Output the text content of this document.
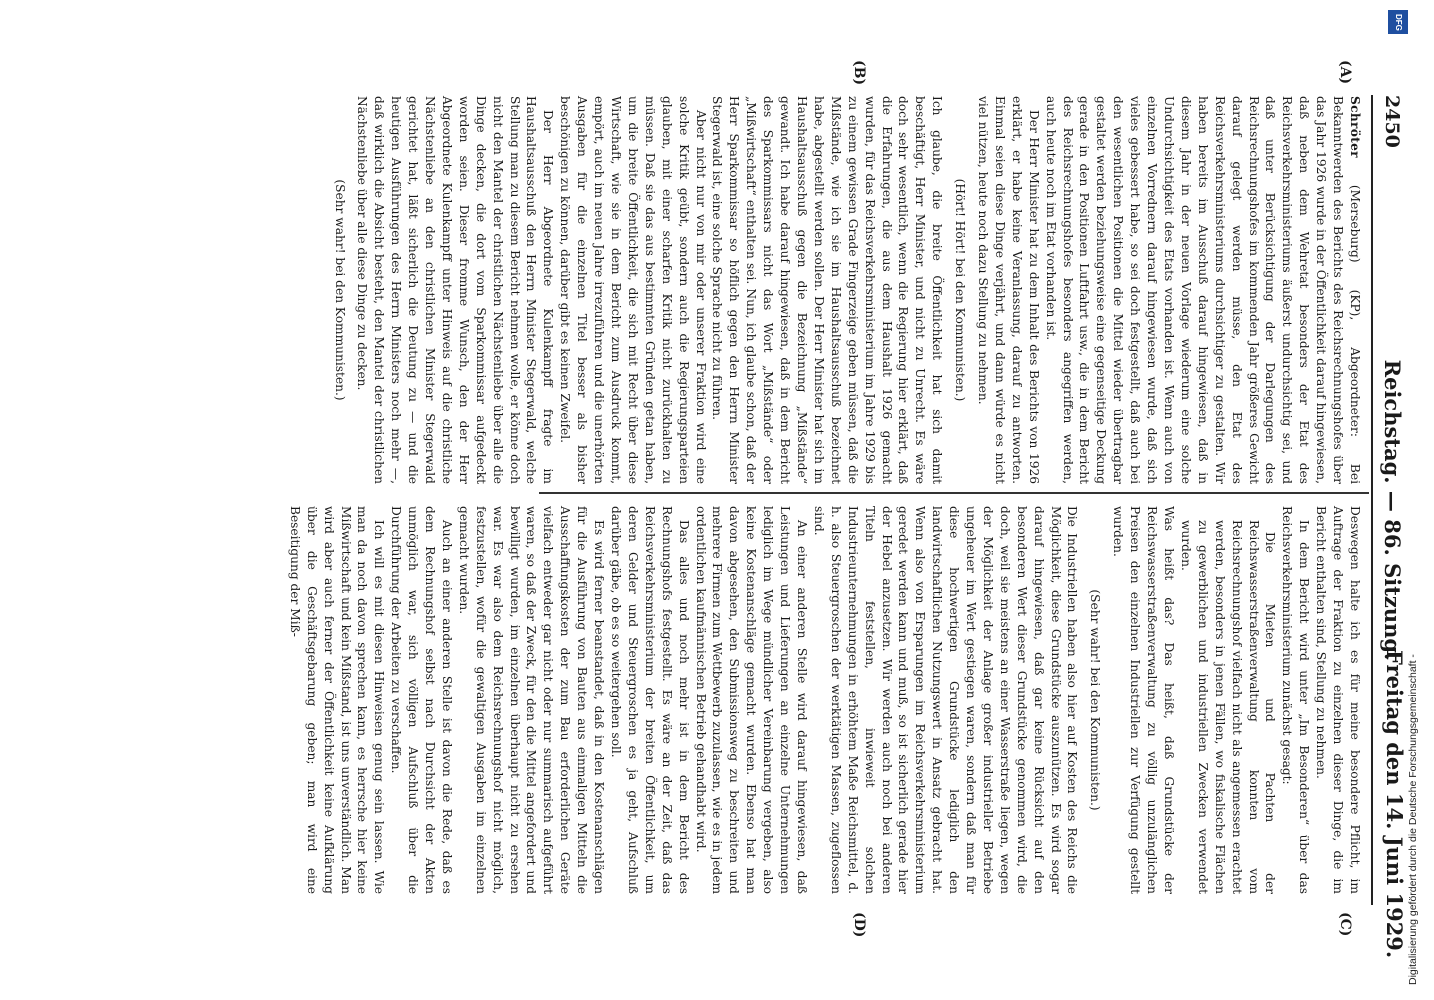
2450
Reichstag. — 86. Sitzung.
Freitag den 14. Juni 1929.
(A)
(B)
(C)
(D)

Schröter (Merseburg) (KP), Abgeordneter: Bei Bekanntwerden des Berichts des Reichsrechnungshofes über das Jahr 1926 wurde in der Öffentlichkeit darauf hingewiesen, daß neben dem Wehretat besonders der Etat des Reichsverkehrsministeriums äußerst undurchsichtig sei, und daß unter Berücksichtigung der Darlegungen des Reichsrechnungshofes im kommenden Jahr größeres Gewicht darauf gelegt werden müsse, den Etat des Reichsverkehrsministeriums durchsichtiger zu gestalten. Wir haben bereits im Ausschuß darauf hingewiesen, daß in diesem Jahr in der neuen Vorlage wiederum eine solche Undurchsichtigkeit des Etats vorhanden ist. Wenn auch von einzelnen Vorrednern darauf hingewiesen wurde, daß sich vieles gebessert habe, so sei doch festgestellt, daß auch bei den wesentlichen Positionen die Mittel wieder übertragbar gestaltet werden beziehungsweise eine gegenseitige Deckung gerade in den Positionen Luftfahrt usw., die in dem Bericht des Reichsrechnungshofes besonders angegriffen werden, auch heute noch im Etat vorhanden ist.

Der Herr Minister hat zu dem Inhalt des Berichts von 1926 erklärt, er habe keine Veranlassung, darauf zu antworten. Einmal seien diese Dinge verjährt, und dann würde es nicht viel nützen, heute noch dazu Stellung zu nehmen.

(Hört! Hört! bei den Kommunisten.)

Ich glaube, die breite Öffentlichkeit hat sich damit beschäftigt, Herr Minister, und nicht zu Unrecht. Es wäre doch sehr wesentlich, wenn die Regierung hier erklärt, daß die Erfahrungen, die aus dem Haushalt 1926 gemacht wurden, für das Reichsverkehrsministerium im Jahre 1929 bis zu einem gewissen Grade Fingerzeige geben müssen, daß die Mißstände, wie ich sie im Haushaltsausschuß bezeichnet habe, abgestellt werden sollen. Der Herr Minister hat sich im Haushaltsausschuß gegen die Bezeichnung „Mißstände“ gewandt. Ich habe darauf hingewiesen, daß in dem Bericht des Sparkommissars nicht das Wort „Mißstände“ oder „Mißwirtschaft“ enthalten sei. Nun, ich glaube schon, daß der Herr Sparkommissar so höflich gegen den Herrn Minister Stegerwald ist, eine solche Sprache nicht zu führen.

Aber nicht nur von mir oder unserer Fraktion wird eine solche Kritik geübt, sondern auch die Regierungsparteien glauben, mit einer scharfen Kritik nicht zurückhalten zu müssen. Daß sie das aus bestimmten Gründen getan haben, um die breite Öffentlichkeit, die sich mit Recht über diese Wirtschaft, wie sie in dem Bericht zum Ausdruck kommt, empört, auch im neuen Jahre irrezuführen und die unerhörten Ausgaben für die einzelnen Titel besser als bisher beschönigen zu können, darüber gibt es keinen Zweifel.

Der Herr Abgeordnete Kulenkampff fragte im Haushaltsausschuß den Herrn Minister Stegerwald, welche Stellung man zu diesem Bericht nehmen wolle, er könne doch nicht den Mantel der christlichen Nächstenliebe über alle die Dinge decken, die dort vom Sparkommissar aufgedeckt worden seien. Dieser fromme Wunsch, den der Herr Abgeordnete Kulenkampff unter Hinweis auf die christliche Nächstenliebe an den christlichen Minister Stegerwald gerichtet hat, läßt sicherlich die Deutung zu — und die heutigen Ausführungen des Herrn Ministers noch mehr —, daß wirklich die Absicht besteht, den Mantel der christlichen Nächstenliebe über alle diese Dinge zu decken.

(Sehr wahr! bei den Kommunisten.)

Deswegen halte ich es für meine besondere Pflicht, im Auftrage der Fraktion zu einzelnen dieser Dinge, die im Bericht enthalten sind, Stellung zu nehmen.

In dem Bericht wird unter „Im Besonderen“ über das Reichsverkehrsministerium zunächst gesagt:

Die Mieten und Pachten der Reichswasserstraßenverwaltung konnten vom Reichsrechnungshof vielfach nicht als angemessen erachtet werden, besonders in jenen Fällen, wo fiskalische Flächen zu gewerblichen und industriellen Zwecken verwendet wurden.

Was heißt das? Das heißt, daß Grundstücke der Reichswasserstraßenverwaltung zu völlig unzulänglichen Preisen den einzelnen Industriellen zur Verfügung gestellt wurden.

(Sehr wahr! bei den Kommunisten.)

Die Industriellen haben also hier auf Kosten des Reichs die Möglichkeit, diese Grundstücke auszunützen. Es wird sogar darauf hingewiesen, daß gar keine Rücksicht auf den besonderen Wert dieser Grundstücke genommen wird, die doch, weil sie meistens an einer Wasserstraße liegen, wegen der Möglichkeit der Anlage großer industrieller Betriebe ungeheuer im Wert gestiegen waren, sondern daß man für diese hochwertigen Grundstücke lediglich den landwirtschaftlichen Nutzungswert in Ansatz gebracht hat. Wenn also von Ersparungen im Reichsverkehrsministerium geredet werden kann und muß, so ist sicherlich gerade hier der Hebel anzusetzen. Wir werden auch noch bei anderen Titeln feststellen, inwieweit solchen Industrieunternehmungen in erhöhtem Maße Reichsmittel, d. h. also Steuergroschen der werktätigen Massen, zugeflossen sind.

An einer anderen Stelle wird darauf hingewiesen, daß Leistungen und Lieferungen an einzelne Unternehmungen lediglich im Wege mündlicher Vereinbarung vergeben, also keine Kostenanschläge gemacht wurden. Ebenso hat man davon abgesehen, den Submissionsweg zu beschreiten und mehrere Firmen zum Wettbewerb zuzulassen, wie es in jedem ordentlichen kaufmännischen Betrieb gehandhabt wird.

Das alles und noch mehr ist in dem Bericht des Rechnungshofs festgestellt. Es wäre an der Zeit, daß das Reichsverkehrsministerium der breiten Öffentlichkeit, um deren Gelder und Steuergroschen es ja geht, Aufschluß darüber gäbe, ob es so weitergehen soll.

Es wird ferner beanstandet, daß in den Kostenanschlägen für die Ausführung von Bauten aus einmaligen Mitteln die Ausschaffungskosten der zum Bau erforderlichen Geräte vielfach entweder gar nicht oder nur summarisch aufgeführt waren, so daß der Zweck, für den die Mittel angefordert und bewilligt wurden, im einzelnen überhaupt nicht zu ersehen war. Es war also dem Reichsrechnungshof nicht möglich, festzustellen, wofür die gewaltigen Ausgaben im einzelnen gemacht wurden.

Auch an einer anderen Stelle ist davon die Rede, daß es dem Rechnungshof selbst nach Durchsicht der Akten unmöglich war, sich völligen Aufschluß über die Durchführung der Arbeiten zu verschaffen.

Ich will es mit diesen Hinweisen genug sein lassen. Wie man da noch davon sprechen kann, es herrsche hier keine Mißwirtschaft und kein Mißstand, ist uns unverständlich. Man wird aber auch ferner der Öffentlichkeit keine Aufklärung über die Geschäftsgebarung geben; man wird eine Beseitigung der Miß-

DFG
Digitalisierung gefördert durch die Deutsche Forschungsgemeinschaft -
